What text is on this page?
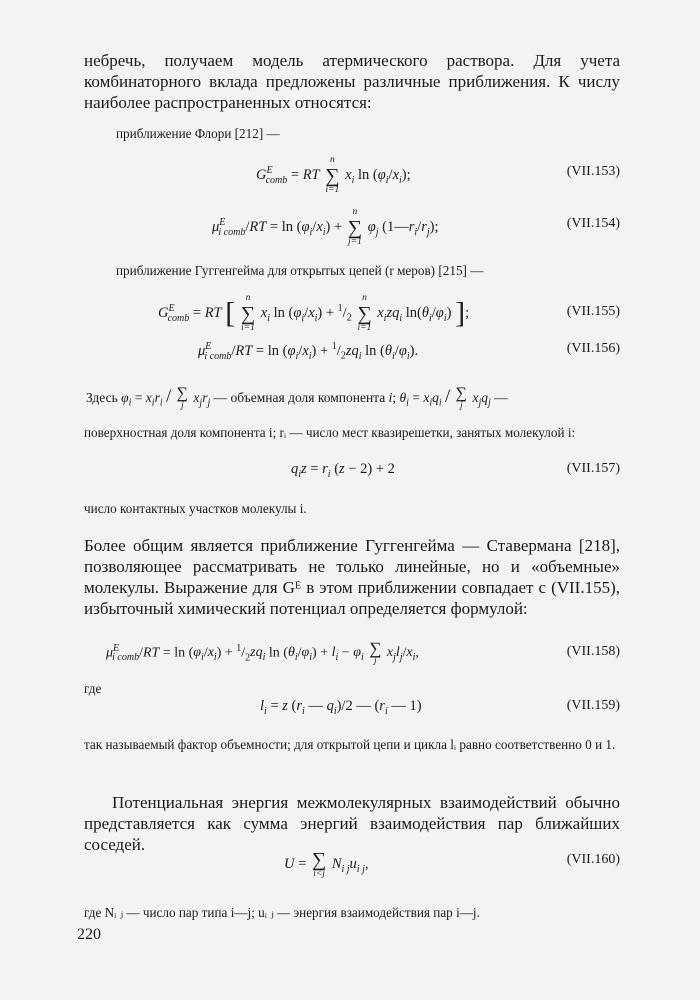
небречь, получаем модель атермического раствора. Для учета комбинаторного вклада предложены различные приближения. К числу наиболее распространенных относятся:
приближение Флори [212] —
$G^E_{comb}$ = RT
n
∑
i=1
$x_i$ $\ln (\varphi_i/x_i)$;	(VII.153)
$\mu^E_{i comb}/RT = \ln (\varphi_i/x_i)$ +
n
∑
j=1
$\varphi_j$ $(1—r_i/r_j)$;	(VII.154)
приближение Гуггенгейма для открытых цепей (r меров) [215] —
$G^E_{comb}$ = RT [	n
∑
i=1
$x_i$ $\ln (\varphi_i/x_i) + ^1/_2$
n
∑
i=1
$x_izq_i$ $\ln(\theta_i/\varphi_i)$ ];	(VII.155)
$\mu^E_{i comb}/RT = \ln (\varphi_i/x_i) + ^1/_2zq_i$ $\ln (\theta_i/\varphi_i)$.	(VII.156)
Здесь $\varphi_i = x_ir_i$ / ∑
j
$x_jr_j$ — объемная доля компонента i; $\theta_i = x_iq_i$ / ∑
j
$x_jq_j$ —
поверхностная доля компонента i; rᵢ — число мест квазирешетки, занятых молекулой i:
$q_iz = r_i$ (z − 2) + 2	(VII.157)
число контактных участков молекулы i.
Более общим является приближение Гуггенгейма — Ставермана [218], позволяющее рассматривать не только линейные, но и «объемные» молекулы. Выражение для Gᴱ в этом приближении совпадает с (VII.155), избыточный химический потенциал определяется формулой:
$\mu^E_{i comb}/RT = \ln (\varphi_i/x_i) + ^1/_2zq_i$ $\ln (\theta_i/\varphi_i) + l_i - \varphi_i$ ∑
j
$x_jl_j/x_i$,	(VII.158)
где
$l_i = z$ ($r_i$ — $q_i)/2$ — ($r_i$ — 1)	(VII.159)
так называемый фактор объемности; для открытой цепи и цикла lᵢ равно соответственно 0 и 1.
Потенциальная энергия межмолекулярных взаимодействий обычно представляется как сумма энергий взаимодействия пар ближайших соседей.
U = ∑
i<j
$N_{i j}u_{i j}$,	(VII.160)
где Nᵢ ⱼ — число пар типа i—j; uᵢ ⱼ — энергия взаимодействия пар i—j.
220
